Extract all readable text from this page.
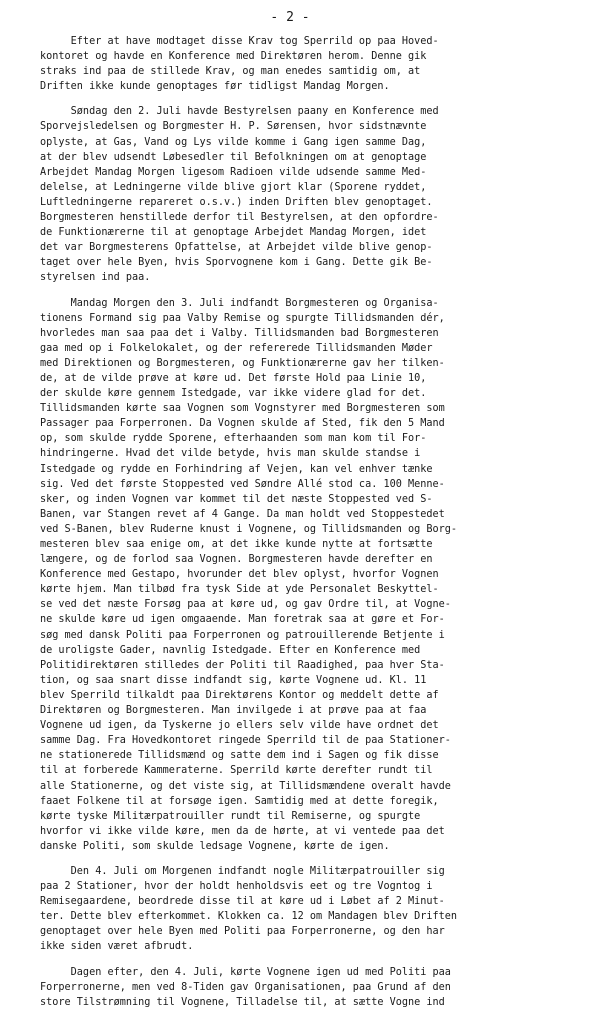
- 2 -
Efter at have modtaget disse Krav tog Sperrild op paa Hoved-
kontoret og havde en Konference med Direktøren herom. Denne gik
straks ind paa de stillede Krav, og man enedes samtidig om, at
Driften ikke kunde genoptages før tidligst Mandag Morgen.
Søndag den 2. Juli havde Bestyrelsen paany en Konference med
Sporvejsledelsen og Borgmester H. P. Sørensen, hvor sidstnævnte
oplyste, at Gas, Vand og Lys vilde komme i Gang igen samme Dag,
at der blev udsendt Løbesedler til Befolkningen om at genoptage
Arbejdet Mandag Morgen ligesom Radioen vilde udsende samme Med-
delelse, at Ledningerne vilde blive gjort klar (Sporene ryddet,
Luftledningerne repareret o.s.v.) inden Driften blev genoptaget.
Borgmesteren henstillede derfor til Bestyrelsen, at den opfordre-
de Funktionærerne til at genoptage Arbejdet Mandag Morgen, idet
det var Borgmesterens Opfattelse, at Arbejdet vilde blive genop-
taget over hele Byen, hvis Sporvognene kom i Gang. Dette gik Be-
styrelsen ind paa.
Mandag Morgen den 3. Juli indfandt Borgmesteren og Organisa-
tionens Formand sig paa Valby Remise og spurgte Tillidsmanden dér,
hvorledes man saa paa det i Valby. Tillidsmanden bad Borgmesteren
gaa med op i Folkelokalet, og der refererede Tillidsmanden Møder
med Direktionen og Borgmesteren, og Funktionærerne gav her tilken-
de, at de vilde prøve at køre ud. Det første Hold paa Linie 10,
der skulde køre gennem Istedgade, var ikke videre glad for det.
Tillidsmanden kørte saa Vognen som Vognstyrer med Borgmesteren som
Passager paa Forperronen. Da Vognen skulde af Sted, fik den 5 Mand
op, som skulde rydde Sporene, efterhaanden som man kom til For-
hindringerne. Hvad det vilde betyde, hvis man skulde standse i
Istedgade og rydde en Forhindring af Vejen, kan vel enhver tænke
sig. Ved det første Stoppested ved Søndre Allé stod ca. 100 Menne-
sker, og inden Vognen var kommet til det næste Stoppested ved S-
Banen, var Stangen revet af 4 Gange. Da man holdt ved Stoppestedet
ved S-Banen, blev Ruderne knust i Vognene, og Tillidsmanden og Borg-
mesteren blev saa enige om, at det ikke kunde nytte at fortsætte
længere, og de forlod saa Vognen. Borgmesteren havde derefter en
Konference med Gestapo, hvorunder det blev oplyst, hvorfor Vognen
kørte hjem. Man tilbød fra tysk Side at yde Personalet Beskyttel-
se ved det næste Forsøg paa at køre ud, og gav Ordre til, at Vogne-
ne skulde køre ud igen omgaaende. Man foretrak saa at gøre et For-
søg med dansk Politi paa Forperronen og patrouillerende Betjente i
de uroligste Gader, navnlig Istedgade. Efter en Konference med
Politidirektøren stilledes der Politi til Raadighed, paa hver Sta-
tion, og saa snart disse indfandt sig, kørte Vognene ud. Kl. 11
blev Sperrild tilkaldt paa Direktørens Kontor og meddelt dette af
Direktøren og Borgmesteren. Man invilgede i at prøve paa at faa
Vognene ud igen, da Tyskerne jo ellers selv vilde have ordnet det
samme Dag. Fra Hovedkontoret ringede Sperrild til de paa Stationer-
ne stationerede Tillidsmænd og satte dem ind i Sagen og fik disse
til at forberede Kammeraterne. Sperrild kørte derefter rundt til
alle Stationerne, og det viste sig, at Tillidsmændene overalt havde
faaet Folkene til at forsøge igen. Samtidig med at dette foregik,
kørte tyske Militærpatrouiller rundt til Remiserne, og spurgte
hvorfor vi ikke vilde køre, men da de hørte, at vi ventede paa det
danske Politi, som skulde ledsage Vognene, kørte de igen.
Den 4. Juli om Morgenen indfandt nogle Militærpatrouiller sig
paa 2 Stationer, hvor der holdt henholdsvis eet og tre Vogntog i
Remisegaardene, beordrede disse til at køre ud i Løbet af 2 Minut-
ter. Dette blev efterkommet. Klokken ca. 12 om Mandagen blev Driften
genoptaget over hele Byen med Politi paa Forperronerne, og den har
ikke siden været afbrudt.
Dagen efter, den 4. Juli, kørte Vognene igen ud med Politi paa
Forperronerne, men ved 8-Tiden gav Organisationen, paa Grund af den
store Tilstrømning til Vognene, Tilladelse til, at sætte Vogne ind
